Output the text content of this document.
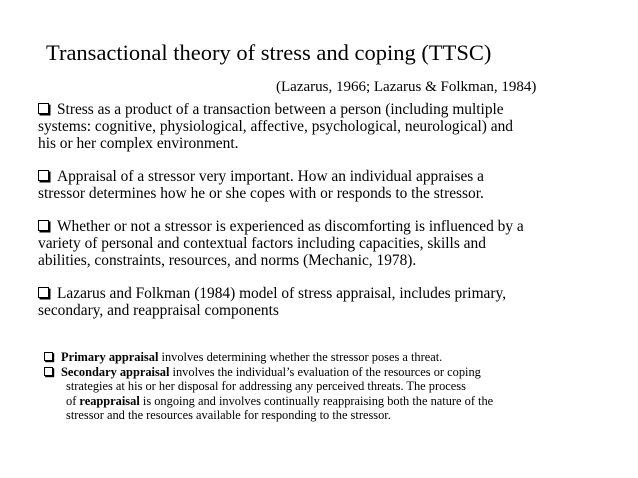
Transactional theory of stress and coping (TTSC)
(Lazarus, 1966; Lazarus & Folkman, 1984)
Stress as a product of a transaction between a person (including multiple
systems: cognitive, physiological, affective, psychological, neurological) and
his or her complex environment.
Appraisal of a stressor very important. How an individual appraises a
stressor determines how he or she copes with or responds to the stressor.
Whether or not a stressor is experienced as discomforting is influenced by a
variety of personal and contextual factors including capacities, skills and
abilities, constraints, resources, and norms (Mechanic, 1978).
Lazarus and Folkman (1984) model of stress appraisal, includes primary,
secondary, and reappraisal components
Primary appraisal involves determining whether the stressor poses a threat.
Secondary appraisal involves the individual’s evaluation of the resources or coping
strategies at his or her disposal for addressing any perceived threats. The process
of reappraisal is ongoing and involves continually reappraising both the nature of the
stressor and the resources available for responding to the stressor.
